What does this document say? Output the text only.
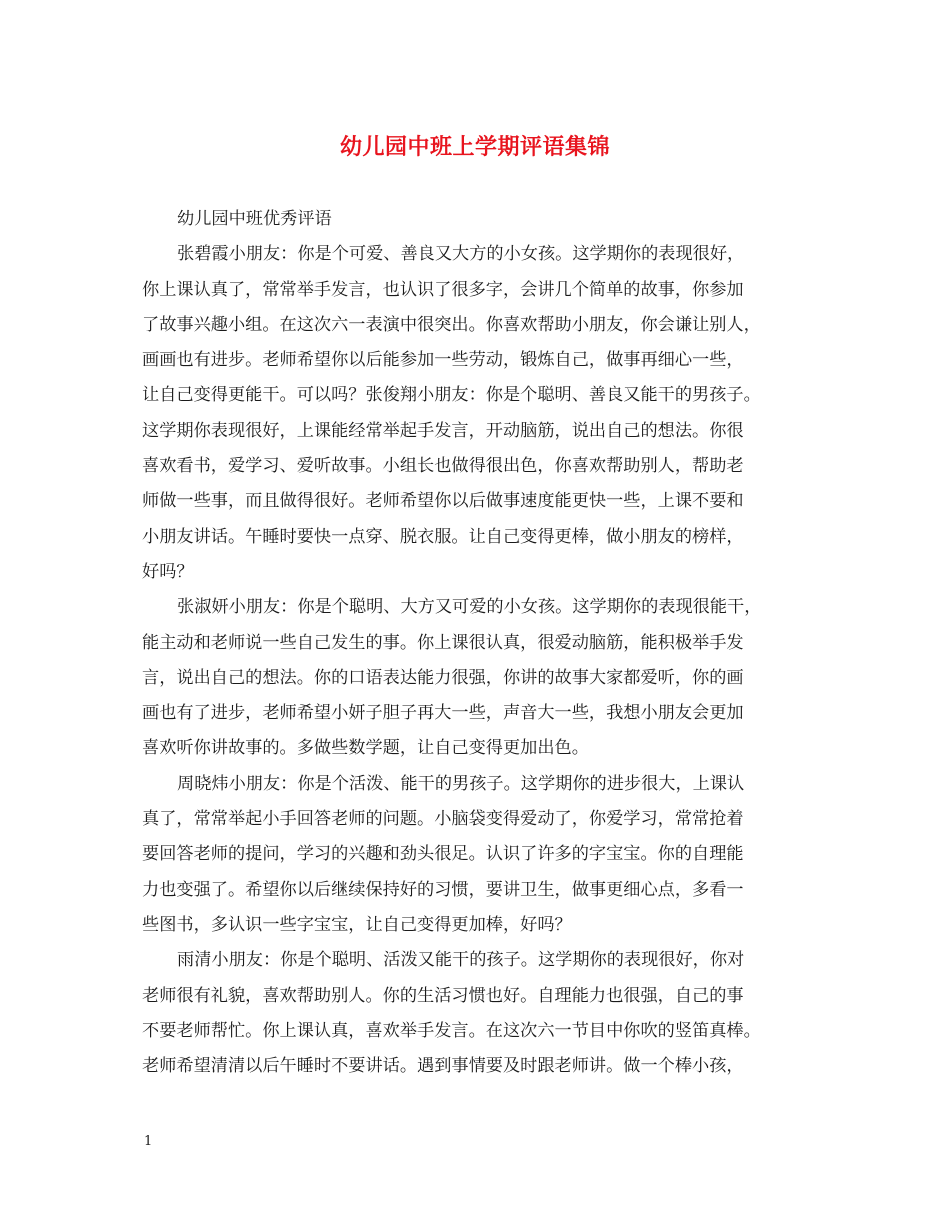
幼儿园中班上学期评语集锦

幼儿园中班优秀评语

张碧霞小朋友：你是个可爱、善良又大方的小女孩。这学期你的表现很好，
你上课认真了，常常举手发言，也认识了很多字，会讲几个简单的故事，你参加
了故事兴趣小组。在这次六一表演中很突出。你喜欢帮助小朋友，你会谦让别人，
画画也有进步。老师希望你以后能参加一些劳动，锻炼自己，做事再细心一些，
让自己变得更能干。可以吗？张俊翔小朋友：你是个聪明、善良又能干的男孩子。
这学期你表现很好，上课能经常举起手发言，开动脑筋，说出自己的想法。你很
喜欢看书，爱学习、爱听故事。小组长也做得很出色，你喜欢帮助别人，帮助老
师做一些事，而且做得很好。老师希望你以后做事速度能更快一些，上课不要和
小朋友讲话。午睡时要快一点穿、脱衣服。让自己变得更棒，做小朋友的榜样，
好吗？

张淑妍小朋友：你是个聪明、大方又可爱的小女孩。这学期你的表现很能干，
能主动和老师说一些自己发生的事。你上课很认真，很爱动脑筋，能积极举手发
言，说出自己的想法。你的口语表达能力很强，你讲的故事大家都爱听，你的画
画也有了进步，老师希望小妍子胆子再大一些，声音大一些，我想小朋友会更加
喜欢听你讲故事的。多做些数学题，让自己变得更加出色。

周晓炜小朋友：你是个活泼、能干的男孩子。这学期你的进步很大，上课认
真了，常常举起小手回答老师的问题。小脑袋变得爱动了，你爱学习，常常抢着
要回答老师的提问，学习的兴趣和劲头很足。认识了许多的字宝宝。你的自理能
力也变强了。希望你以后继续保持好的习惯，要讲卫生，做事更细心点，多看一
些图书，多认识一些字宝宝，让自己变得更加棒，好吗？

雨清小朋友：你是个聪明、活泼又能干的孩子。这学期你的表现很好，你对
老师很有礼貌，喜欢帮助别人。你的生活习惯也好。自理能力也很强，自己的事
不要老师帮忙。你上课认真，喜欢举手发言。在这次六一节目中你吹的竖笛真棒。
老师希望清清以后午睡时不要讲话。遇到事情要及时跟老师讲。做一个棒小孩，

1
